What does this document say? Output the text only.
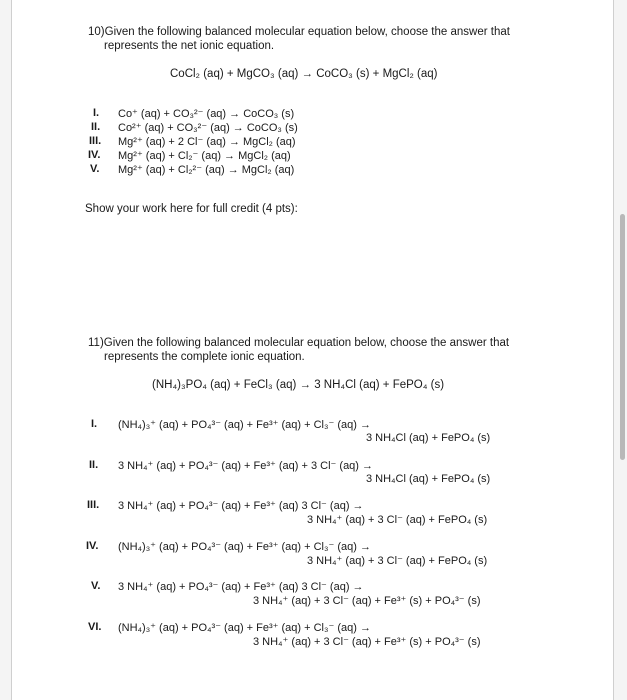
10)Given the following balanced molecular equation below, choose the answer that
represents the net ionic equation.
CoCl₂ (aq) + MgCO₃ (aq) → CoCO₃ (s) + MgCl₂ (aq)
I. Co⁺ (aq) + CO₃²⁻ (aq) → CoCO₃ (s)
II. Co²⁺ (aq) + CO₃²⁻ (aq) → CoCO₃ (s)
III. Mg²⁺ (aq) + 2 Cl⁻ (aq) → MgCl₂ (aq)
IV. Mg²⁺ (aq) + Cl₂⁻ (aq) → MgCl₂ (aq)
V. Mg²⁺ (aq) + Cl₂²⁻ (aq) → MgCl₂ (aq)
Show your work here for full credit (4 pts):
11)Given the following balanced molecular equation below, choose the answer that
represents the complete ionic equation.
(NH₄)₃PO₄ (aq) + FeCl₃ (aq) → 3 NH₄Cl (aq) + FePO₄ (s)
I. (NH₄)₃⁺ (aq) + PO₄³⁻ (aq) + Fe³⁺ (aq) + Cl₃⁻ (aq) →
3 NH₄Cl (aq) + FePO₄ (s)
II. 3 NH₄⁺ (aq) + PO₄³⁻ (aq) + Fe³⁺ (aq) + 3 Cl⁻ (aq) →
3 NH₄Cl (aq) + FePO₄ (s)
III. 3 NH₄⁺ (aq) + PO₄³⁻ (aq) + Fe³⁺ (aq) 3 Cl⁻ (aq) →
3 NH₄⁺ (aq) + 3 Cl⁻ (aq) + FePO₄ (s)
IV. (NH₄)₃⁺ (aq) + PO₄³⁻ (aq) + Fe³⁺ (aq) + Cl₃⁻ (aq) →
3 NH₄⁺ (aq) + 3 Cl⁻ (aq) + FePO₄ (s)
V. 3 NH₄⁺ (aq) + PO₄³⁻ (aq) + Fe³⁺ (aq) 3 Cl⁻ (aq) →
3 NH₄⁺ (aq) + 3 Cl⁻ (aq) + Fe³⁺ (s) + PO₄³⁻ (s)
VI. (NH₄)₃⁺ (aq) + PO₄³⁻ (aq) + Fe³⁺ (aq) + Cl₃⁻ (aq) →
3 NH₄⁺ (aq) + 3 Cl⁻ (aq) + Fe³⁺ (s) + PO₄³⁻ (s)
